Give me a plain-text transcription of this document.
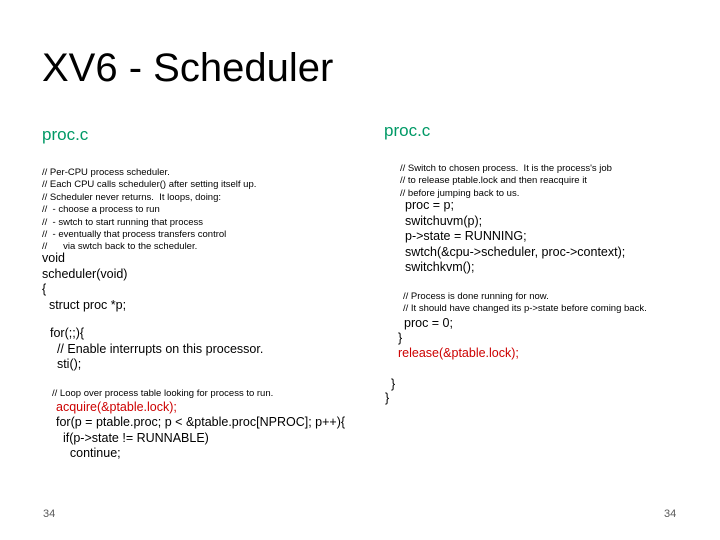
XV6 - Scheduler
proc.c
// Per-CPU process scheduler.
// Each CPU calls scheduler() after setting itself up.
// Scheduler never returns.  It loops, doing:
//  - choose a process to run
//  - swtch to start running that process
//  - eventually that process transfers control
//      via swtch back to the scheduler.
void
scheduler(void)
{
struct proc *p;
for(;;){
// Enable interrupts on this processor.
sti();
// Loop over process table looking for process to run.
acquire(&ptable.lock);
for(p = ptable.proc; p < &ptable.proc[NPROC]; p++){
if(p->state != RUNNABLE)
continue;
34
proc.c
// Switch to chosen process.  It is the process's job
// to release ptable.lock and then reacquire it
// before jumping back to us.
proc = p;
switchuvm(p);
p->state = RUNNING;
swtch(&cpu->scheduler, proc->context);
switchkvm();
// Process is done running for now.
// It should have changed its p->state before coming back.
proc = 0;
}
release(&ptable.lock);
}
}
34
